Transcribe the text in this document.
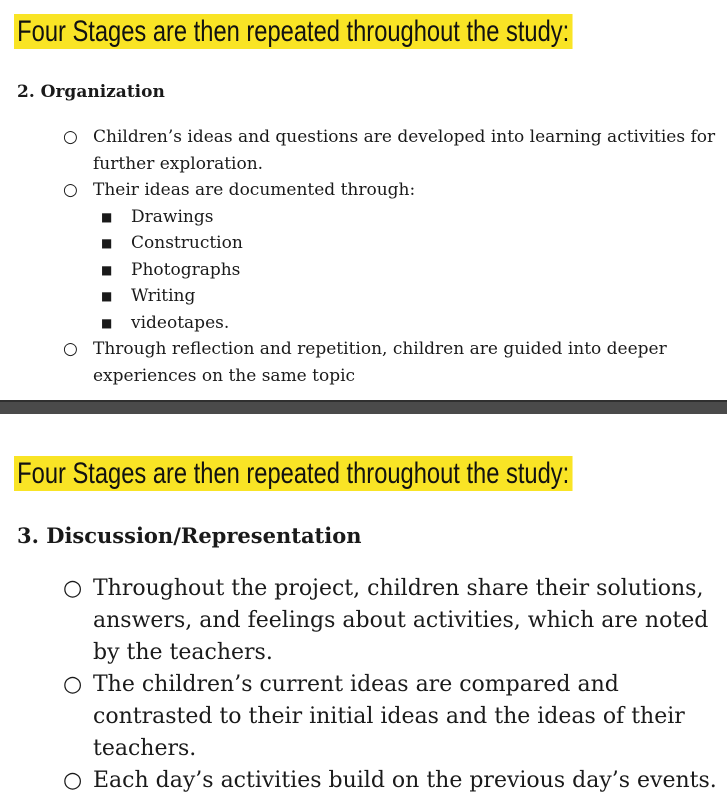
Four Stages are then repeated throughout the study:
2. Organization
○ Children’s ideas and questions are developed into learning activities for further exploration.
○ Their ideas are documented through:
■ Drawings
■ Construction
■ Photographs
■ Writing
■ videotapes.
○ Through reflection and repetition, children are guided into deeper experiences on the same topic
Four Stages are then repeated throughout the study:
3. Discussion/Representation
○ Throughout the project, children share their solutions, answers, and feelings about activities, which are noted by the teachers.
○ The children’s current ideas are compared and contrasted to their initial ideas and the ideas of their teachers.
○ Each day’s activities build on the previous day’s events.
